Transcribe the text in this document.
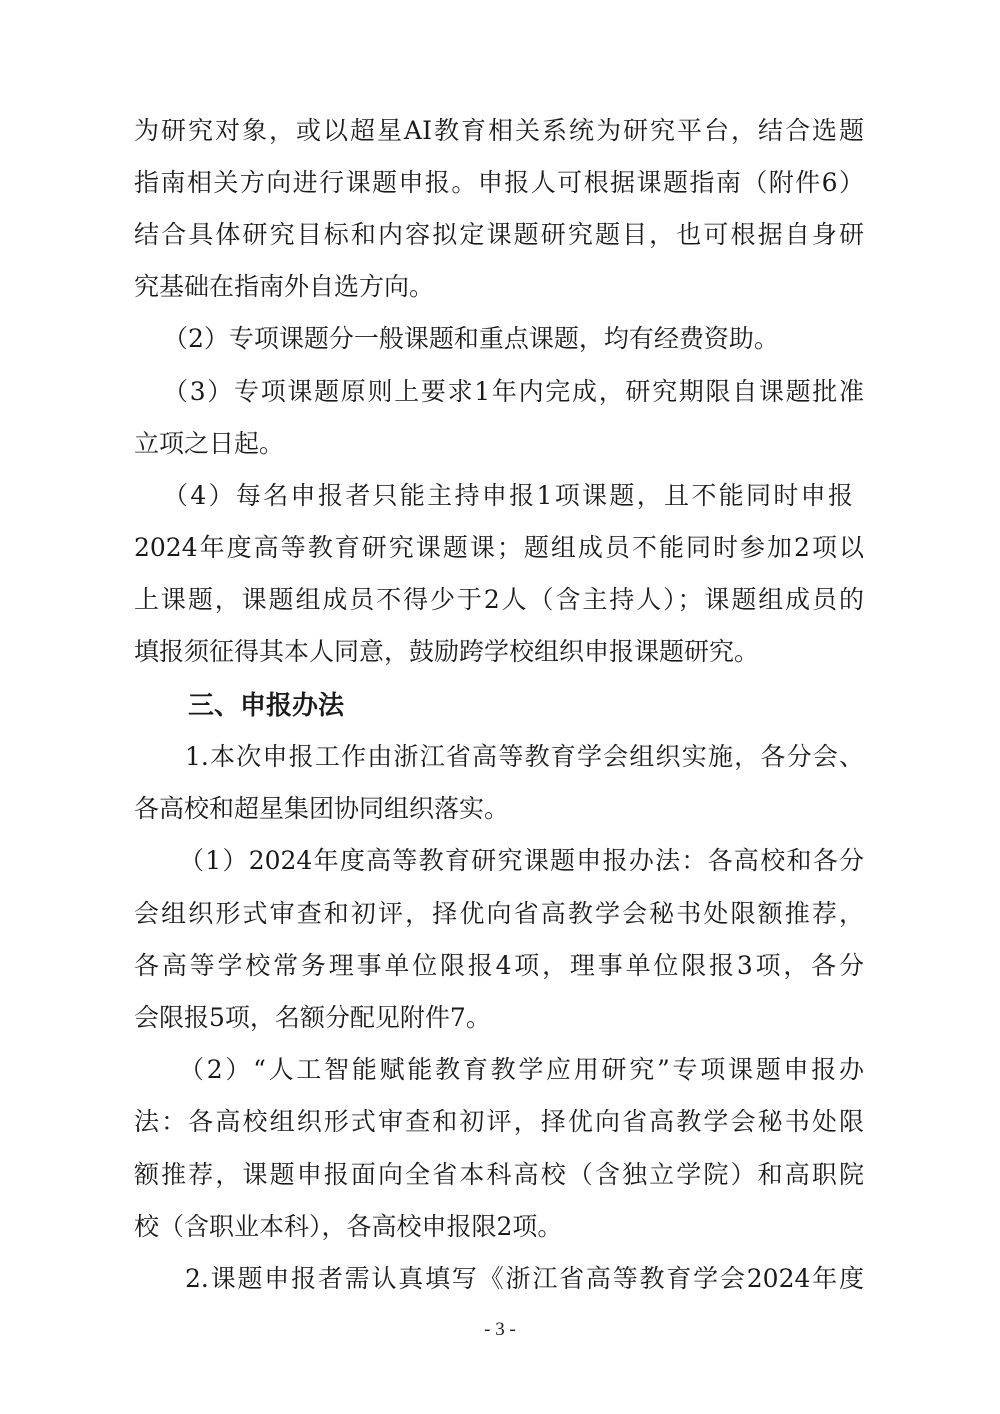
为研究对象，或以超星AI教育相关系统为研究平台，结合选题

指南相关方向进行课题申报。申报人可根据课题指南（附件6）

结合具体研究目标和内容拟定课题研究题目，也可根据自身研

究基础在指南外自选方向。

（2）专项课题分一般课题和重点课题，均有经费资助。

（3）专项课题原则上要求1年内完成，研究期限自课题批准

立项之日起。

（4）每名申报者只能主持申报1项课题，且不能同时申报

2024年度高等教育研究课题课；题组成员不能同时参加2项以

上课题，课题组成员不得少于2人（含主持人）；课题组成员的

填报须征得其本人同意，鼓励跨学校组织申报课题研究。

三、申报办法

1.本次申报工作由浙江省高等教育学会组织实施，各分会、

各高校和超星集团协同组织落实。

（1）2024年度高等教育研究课题申报办法：各高校和各分

会组织形式审查和初评，择优向省高教学会秘书处限额推荐，

各高等学校常务理事单位限报4项，理事单位限报3项，各分

会限报5项，名额分配见附件7。

（2）“人工智能赋能教育教学应用研究”专项课题申报办

法：各高校组织形式审查和初评，择优向省高教学会秘书处限

额推荐，课题申报面向全省本科高校（含独立学院）和高职院

校（含职业本科），各高校申报限2项。

2.课题申报者需认真填写《浙江省高等教育学会2024年度

- 3 -
